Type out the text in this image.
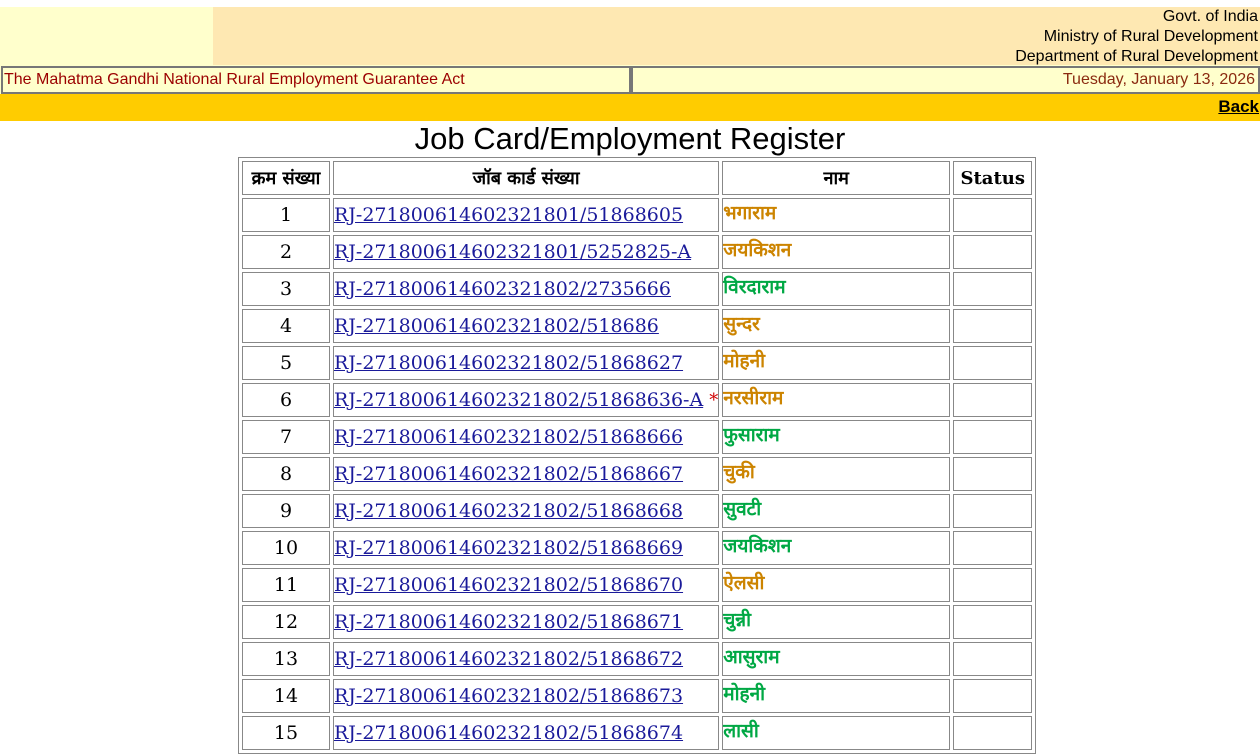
Govt. of India
Ministry of Rural Development
Department of Rural Development
The Mahatma Gandhi National Rural Employment Guarantee Act	Tuesday, January 13, 2026
Back
Job Card/Employment Register
क्रम संख्या	जॉब कार्ड संख्या	नाम	Status
1	RJ-271800614602321801/51868605	भगाराम	
2	RJ-2718006146023218​01/5252825-A	जयकिशन	
3	RJ-271800614602321802/2735666	विरदाराम	
4	RJ-271800614602321802/518686	सुन्दर	
5	RJ-271800614602321802/51868627	मोहनी	
6	RJ-271800614602321802/51868636-A *	नरसीराम	
7	RJ-271800614602321802/51868666	फुसाराम	
8	RJ-271800614602321802/51868667	चुकी	
9	RJ-271800614602321802/51868668	सुवटी	
10	RJ-271800614602321802/51868669	जयकिशन	
11	RJ-271800614602321802/51868670	ऐलसी	
12	RJ-271800614602321802/51868671	चुन्नी	
13	RJ-271800614602321802/51868672	आसुराम	
14	RJ-271800614602321802/51868673	मोहनी	
15	RJ-271800614602321802/51868674	लासी	
